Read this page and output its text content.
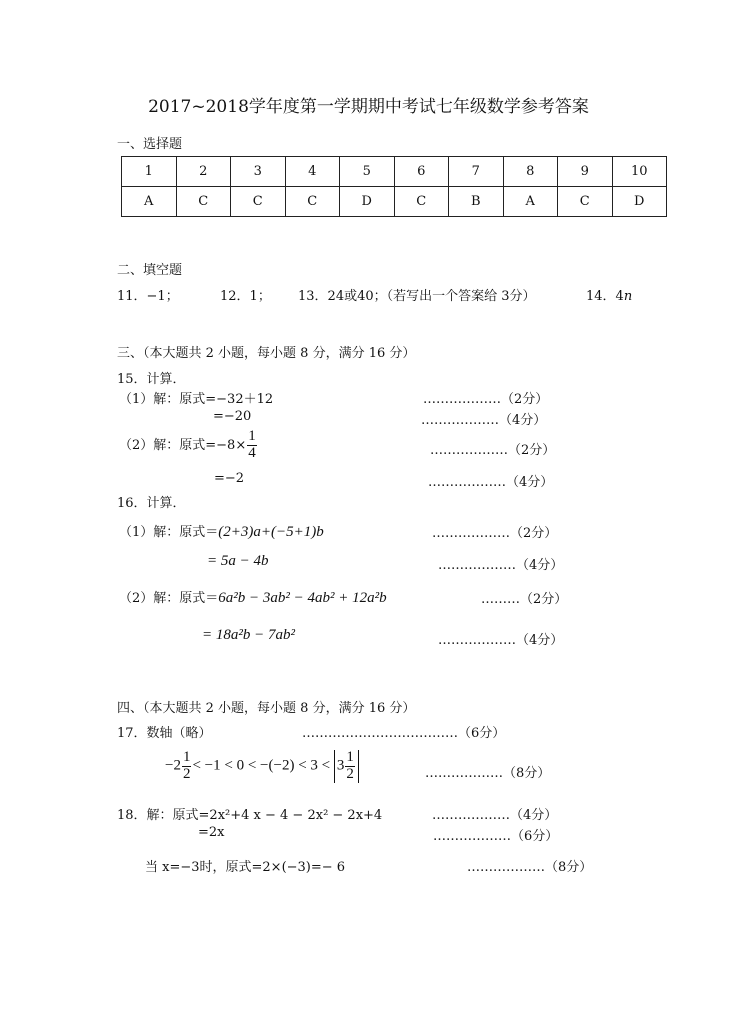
2017~2018学年度第一学期期中考试七年级数学参考答案
一、选择题
1	2	3	4	5	6	7	8	9	10
A	C	C	C	D	C	B	A	C	D
二、填空题
11．−1；	12．1； 13．24或40；（若写出一个答案给 3分）	14．4n
三、（本大题共 2 小题，每小题 8 分，满分 16 分）
15．计算．
（1）解：原式=−32＋12	………………（2分）
=−20	………………（4分）
（2）解：原式$=-8\times \frac{1}{4}$	………………（2分）
=−2	………………（4分）
16．计算．
（1）解：原式＝(2+3)a+(−5+1)b	………………（2分）
= 5a − 4b	………………（4分）
（2）解：原式＝6a²b − 3ab² − 4ab² + 12a²b	………（2分）
= 18a²b − 7ab²	………………（4分）
四、（本大题共 2 小题，每小题 8 分，满分 16 分）
17．数轴（略）	………………………………（6分）
$-2 \frac{1}{2} < -1 < 0 < -(-2) < 3 < 3 \frac{1}{2}$	………………（8分）
18．解：原式=2x²+4 x − 4 − 2x² − 2x+4	………………（4分）
=2x	………………（6分）
当 x=−3时，原式=2×(−3)=− 6	………………（8分）
